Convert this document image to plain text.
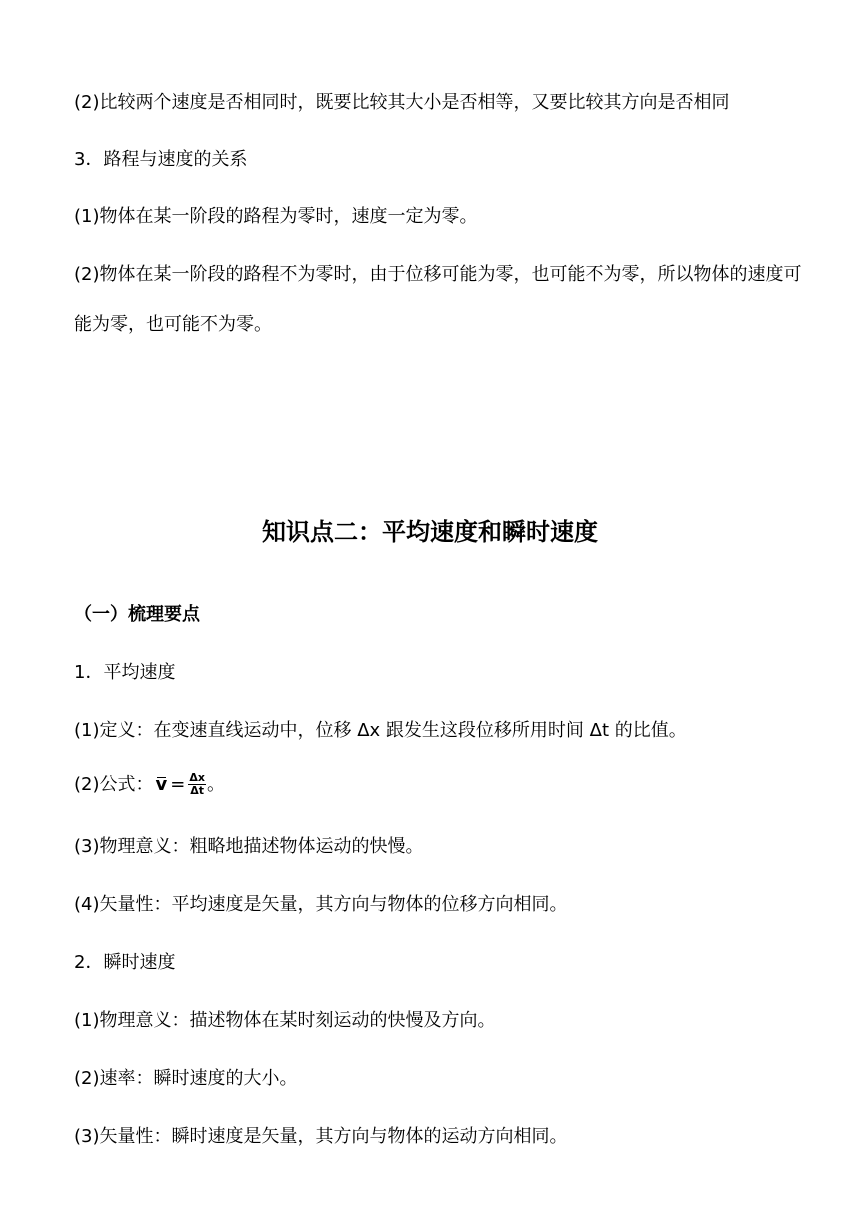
(2)比较两个速度是否相同时，既要比较其大小是否相等，又要比较其方向是否相同
3．路程与速度的关系
(1)物体在某一阶段的路程为零时，速度一定为零。

(2)物体在某一阶段的路程不为零时，由于位移可能为零，也可能不为零，所以物体的速度可能为零，也可能不为零。

知识点二：平均速度和瞬时速度
（一）梳理要点
1．平均速度
(1)定义：在变速直线运动中，位移 Δx 跟发生这段位移所用时间 Δt 的比值。
(2)公式： $v = \frac{\Delta x}{\Delta t}$ 。
(3)物理意义：粗略地描述物体运动的快慢。
(4)矢量性：平均速度是矢量，其方向与物体的位移方向相同。
2．瞬时速度
(1)物理意义：描述物体在某时刻运动的快慢及方向。
(2)速率：瞬时速度的大小。
(3)矢量性：瞬时速度是矢量，其方向与物体的运动方向相同。
